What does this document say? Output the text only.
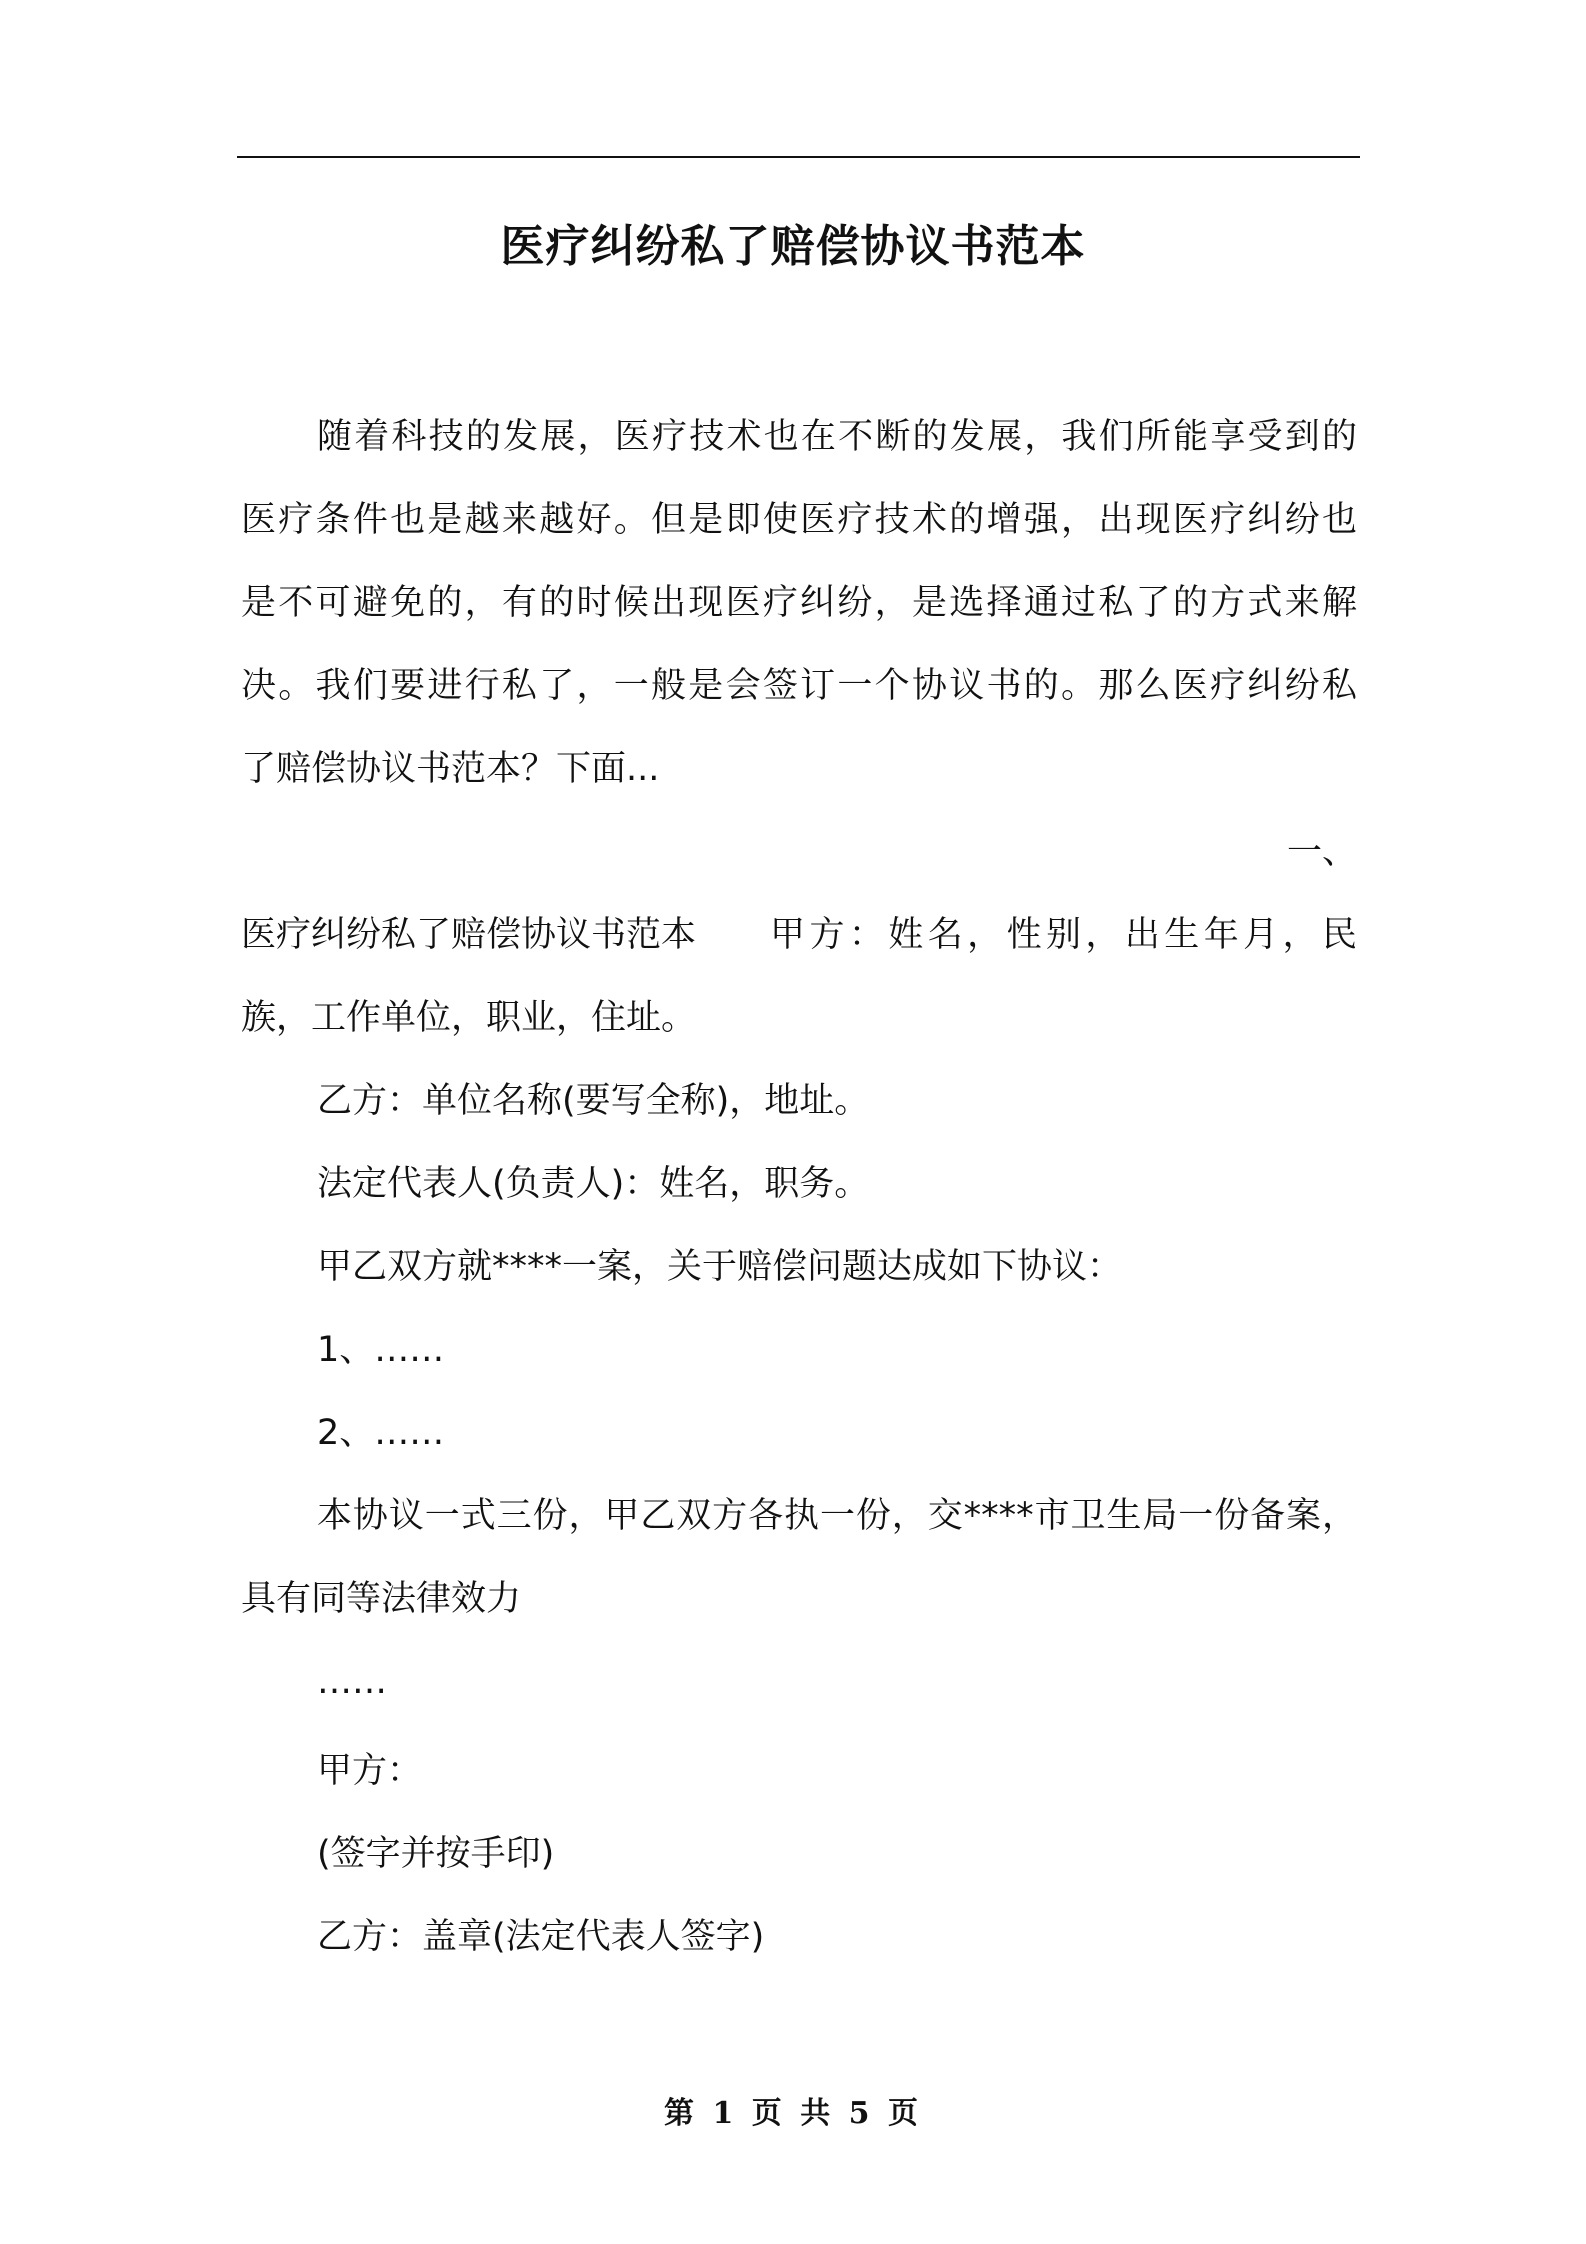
医疗纠纷私了赔偿协议书范本

随着科技的发展，医疗技术也在不断的发展，我们所能享受到的
医疗条件也是越来越好。但是即使医疗技术的增强，出现医疗纠纷也
是不可避免的，有的时候出现医疗纠纷，是选择通过私了的方式来解
决。我们要进行私了，一般是会签订一个协议书的。那么医疗纠纷私
了赔偿协议书范本？下面...

一、

医疗纠纷私了赔偿协议书范本 甲方：姓名，性别，出生年月，民
族，工作单位，职业，住址。

乙方：单位名称(要写全称)，地址。

法定代表人(负责人)：姓名，职务。

甲乙双方就****一案，关于赔偿问题达成如下协议：

1、……

2、……

本协议一式三份，甲乙双方各执一份，交****市卫生局一份备案，
具有同等法律效力

……

甲方：

(签字并按手印)

乙方：盖章(法定代表人签字)

第 1 页 共 5 页
